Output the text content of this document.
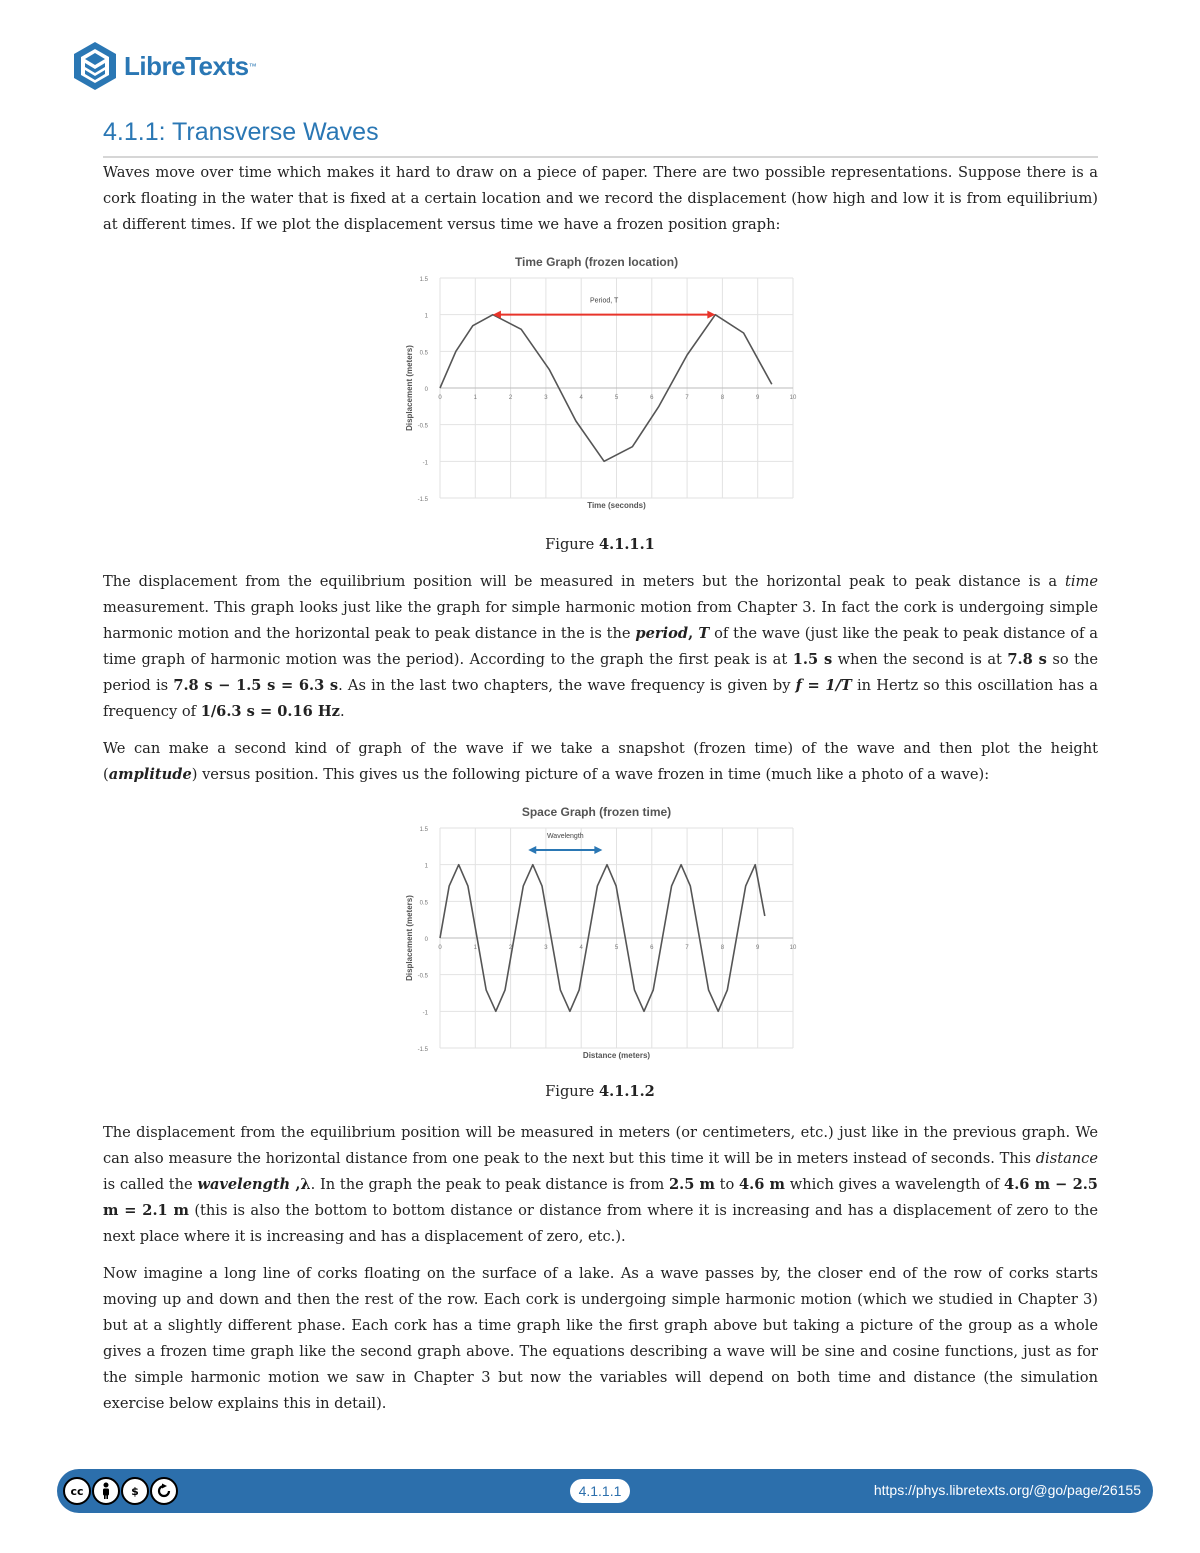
LibreTexts ™
4.1.1: Transverse Waves

Waves move over time which makes it hard to draw on a piece of paper. There are two possible representations. Suppose there is a cork floating in the water that is fixed at a certain location and we record the displacement (how high and low it is from equilibrium) at different times. If we plot the displacement versus time we have a frozen position graph:

Time Graph (frozen location)
1.5
1
0.5
0
-0.5
-1
-1.5
0	1	2	3	4	5	6	7	8	9	10
Time (seconds)
Displacement (meters)
Period, T
Figure 4.1.1.1

The displacement from the equilibrium position will be measured in meters but the horizontal peak to peak distance is a time measurement. This graph looks just like the graph for simple harmonic motion from Chapter 3. In fact the cork is undergoing simple harmonic motion and the horizontal peak to peak distance in the is the period, T of the wave (just like the peak to peak distance of a time graph of harmonic motion was the period). According to the graph the first peak is at 1.5 s when the second is at 7.8 s so the period is 7.8 s − 1.5 s = 6.3 s. As in the last two chapters, the wave frequency is given by f = 1/T in Hertz so this oscillation has a frequency of 1/6.3 s = 0.16 Hz.

We can make a second kind of graph of the wave if we take a snapshot (frozen time) of the wave and then plot the height (amplitude) versus position. This gives us the following picture of a wave frozen in time (much like a photo of a wave):

Space Graph (frozen time)
1.5
1
0.5
0
-0.5
-1
-1.5
0	1	2	3	4	5	6	7	8	9	10
Distance (meters)
Displacement (meters)
Wavelength
Figure 4.1.1.2

The displacement from the equilibrium position will be measured in meters (or centimeters, etc.) just like in the previous graph. We can also measure the horizontal distance from one peak to the next but this time it will be in meters instead of seconds. This distance is called the wavelength ,λ. In the graph the peak to peak distance is from 2.5 m to 4.6 m which gives a wavelength of 4.6 m − 2.5 m = 2.1 m (this is also the bottom to bottom distance or distance from where it is increasing and has a displacement of zero to the next place where it is increasing and has a displacement of zero, etc.).

Now imagine a long line of corks floating on the surface of a lake. As a wave passes by, the closer end of the row of corks starts moving up and down and then the rest of the row. Each cork is undergoing simple harmonic motion (which we studied in Chapter 3) but at a slightly different phase. Each cork has a time graph like the first graph above but taking a picture of the group as a whole gives a frozen time graph like the second graph above. The equations describing a wave will be sine and cosine functions, just as for the simple harmonic motion we saw in Chapter 3 but now the variables will depend on both time and distance (the simulation exercise below explains this in detail).

cc	$	4.1.1.1	https://phys.libretexts.org/@go/page/26155
